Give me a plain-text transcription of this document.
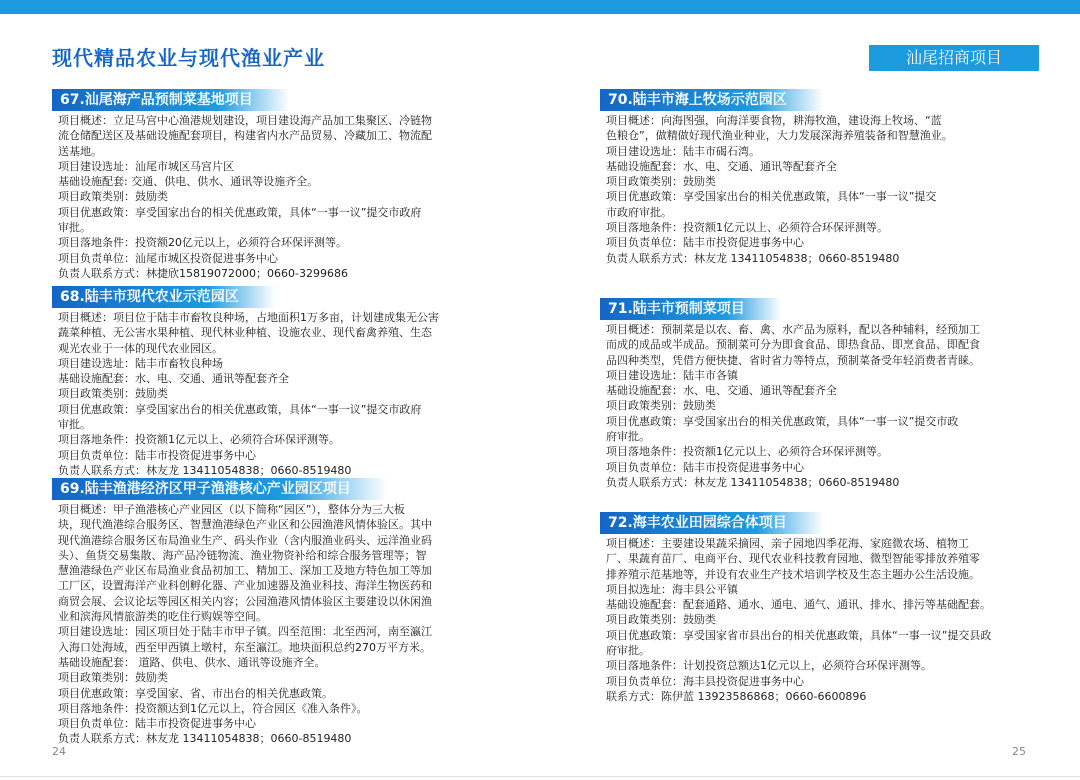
现代精品农业与现代渔业产业	汕尾招商项目
67.汕尾海产品预制菜基地项目
项目概述：立足马宫中心渔港规划建设，项目建设海产品加工集聚区、冷链物
流仓储配送区及基础设施配套项目，构建省内水产品贸易、冷藏加工、物流配
送基地。
项目建设选址：汕尾市城区马宫片区
基础设施配套: 交通、供电、供水、通讯等设施齐全。
项目政策类别：鼓励类
项目优惠政策：享受国家出台的相关优惠政策，具体“一事一议”提交市政府
审批。
项目落地条件：投资额20亿元以上，必须符合环保评测等。
项目负责单位：汕尾市城区投资促进事务中心
负责人联系方式：林捷欣15819072000；0660-3299686
68.陆丰市现代农业示范园区
项目概述：项目位于陆丰市畜牧良种场，占地面积1万多亩，计划建成集无公害
蔬菜种植、无公害水果种植、现代林业种植、设施农业、现代畜禽养殖、生态
观光农业于一体的现代农业园区。
项目建设选址：陆丰市畜牧良种场
基础设施配套：水、电、交通、通讯等配套齐全
项目政策类别：鼓励类
项目优惠政策：享受国家出台的相关优惠政策，具体“一事一议”提交市政府
审批。
项目落地条件：投资额1亿元以上、必须符合环保评测等。
项目负责单位：陆丰市投资促进事务中心
负责人联系方式：林友龙 13411054838；0660-8519480
69.陆丰渔港经济区甲子渔港核心产业园区项目
项目概述：甲子渔港核心产业园区（以下简称“园区”），整体分为三大板
块，现代渔港综合服务区、智慧渔港绿色产业区和公园渔港风情体验区。其中
现代渔港综合服务区布局渔业生产、码头作业（含内服渔业码头、远洋渔业码
头）、鱼货交易集散、海产品冷链物流、渔业物资补给和综合服务管理等；智
慧渔港绿色产业区布局渔业食品初加工、精加工、深加工及地方特色加工等加
工厂区，设置海洋产业科创孵化器、产业加速器及渔业科技、海洋生物医药和
商贸会展、会议论坛等园区相关内容；公园渔港风情体验区主要建设以休闲渔
业和滨海风情旅游类的吃住行购娱等空间。
项目建设选址：园区项目处于陆丰市甲子镇。四至范围：北至西河，南至瀛江
入海口处海域，西至甲西镇上墩村，东至瀛江。地块面积总约270万平方米。
基础设施配套： 道路、供电、供水、通讯等设施齐全。
项目政策类别：鼓励类
项目优惠政策：享受国家、省、市出台的相关优惠政策。
项目落地条件：投资额达到1亿元以上，符合园区《准入条件》。
项目负责单位：陆丰市投资促进事务中心
负责人联系方式：林友龙 13411054838；0660-8519480
24
70.陆丰市海上牧场示范园区
项目概述：向海图强，向海洋要食物，耕海牧渔，建设海上牧场、“蓝
色粮仓”，做精做好现代渔业种业，大力发展深海养殖装备和智慧渔业。
项目建设选址：陆丰市碣石湾。
基础设施配套：水、电、交通、通讯等配套齐全
项目政策类别：鼓励类
项目优惠政策：享受国家出台的相关优惠政策，具体“一事一议”提交
市政府审批。
项目落地条件：投资额1亿元以上、必须符合环保评测等。
项目负责单位：陆丰市投资促进事务中心
负责人联系方式：林友龙 13411054838；0660-8519480
71.陆丰市预制菜项目
项目概述：预制菜是以农、畜、禽、水产品为原料，配以各种辅料，经预加工
而成的成品或半成品。预制菜可分为即食食品、即热食品、即烹食品、即配食
品四种类型，凭借方便快捷、省时省力等特点，预制菜备受年轻消费者青睐。
项目建设选址：陆丰市各镇
基础设施配套：水、电、交通、通讯等配套齐全
项目政策类别：鼓励类
项目优惠政策：享受国家出台的相关优惠政策，具体“一事一议”提交市政
府审批。
项目落地条件：投资额1亿元以上、必须符合环保评测等。
项目负责单位：陆丰市投资促进事务中心
负责人联系方式：林友龙 13411054838；0660-8519480
72.海丰农业田园综合体项目
项目概述：主要建设果蔬采摘园、亲子园地四季花海、家庭微农场、植物工
厂、果蔬育苗厂、电商平台、现代农业科技教育园地、微型智能零排放养殖零
排养殖示范基地等，并设有农业生产技术培训学校及生态主题办公生活设施。
项目拟选址：海丰县公平镇
基础设施配套：配套通路、通水、通电、通气、通讯、排水、排污等基础配套。
项目政策类别：鼓励类
项目优惠政策：享受国家省市县出台的相关优惠政策，具体“一事一议”提交县政
府审批。
项目落地条件：计划投资总额达1亿元以上，必须符合环保评测等。
项目负责单位：海丰县投资促进事务中心
联系方式：陈伊蓝 13923586868；0660-6600896
25
